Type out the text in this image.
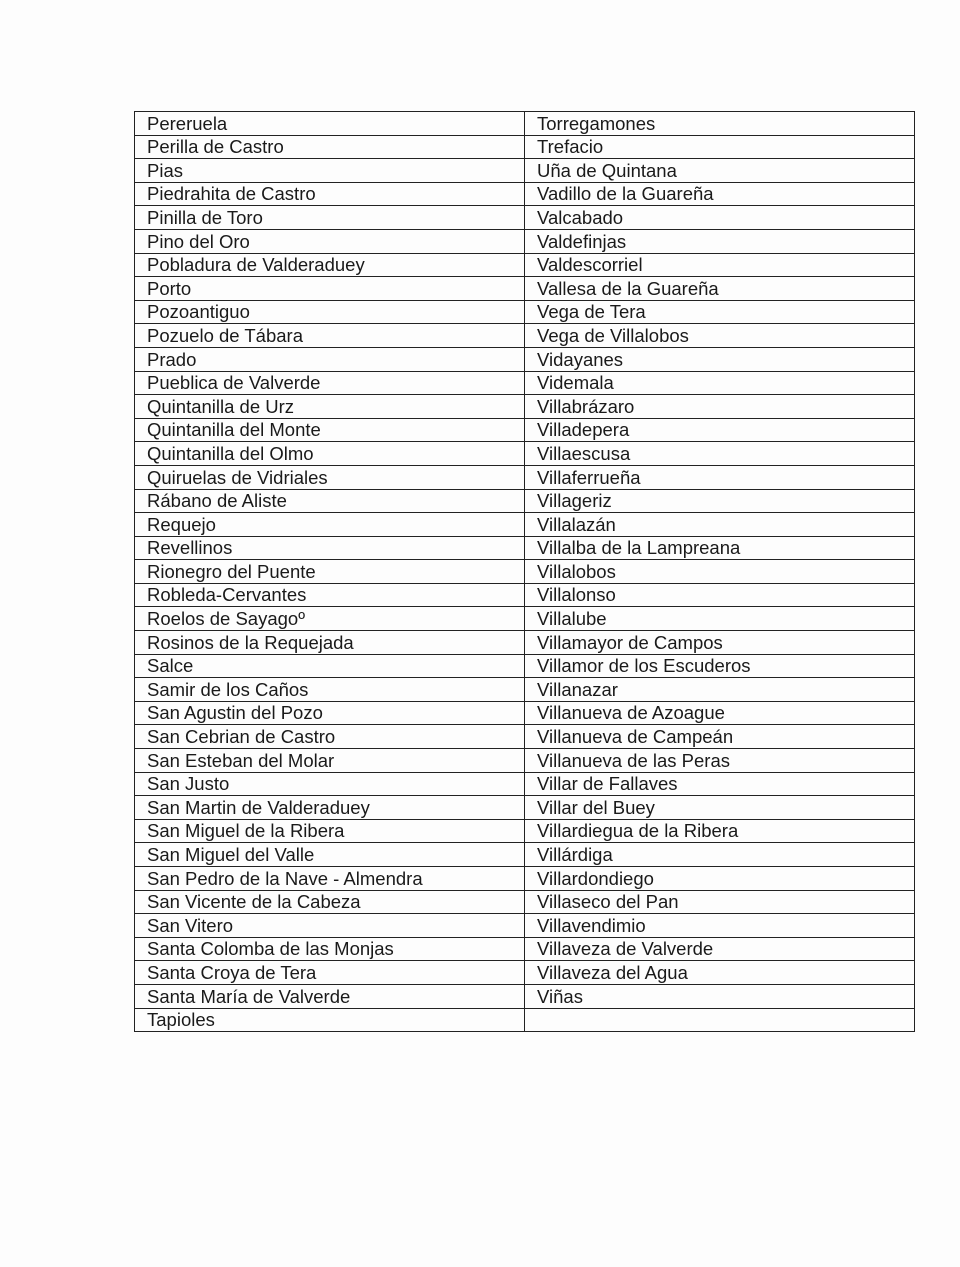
Pereruela	Torregamones
Perilla de Castro	Trefacio
Pias	Uña de Quintana
Piedrahita de Castro	Vadillo de la Guareña
Pinilla de Toro	Valcabado
Pino del Oro	Valdefinjas
Pobladura de Valderaduey	Valdescorriel
Porto	Vallesa de la Guareña
Pozoantiguo	Vega de Tera
Pozuelo de Tábara	Vega de Villalobos
Prado	Vidayanes
Pueblica de Valverde	Videmala
Quintanilla de Urz	Villabrázaro
Quintanilla del Monte	Villadepera
Quintanilla del Olmo	Villaescusa
Quiruelas de Vidriales	Villaferrueña
Rábano de Aliste	Villageriz
Requejo	Villalazán
Revellinos	Villalba de la Lampreana
Rionegro del Puente	Villalobos
Robleda-Cervantes	Villalonso
Roelos de Sayagoº	Villalube
Rosinos de la Requejada	Villamayor de Campos
Salce	Villamor de los Escuderos
Samir de los Caños	Villanazar
San Agustin del Pozo	Villanueva de Azoague
San Cebrian de Castro	Villanueva de Campeán
San Esteban del Molar	Villanueva de las Peras
San Justo	Villar de Fallaves
San Martin de Valderaduey	Villar del Buey
San Miguel de la Ribera	Villardiegua de la Ribera
San Miguel del Valle	Villárdiga
San Pedro de la Nave - Almendra	Villardondiego
San Vicente de la Cabeza	Villaseco del Pan
San Vitero	Villavendimio
Santa Colomba de las Monjas	Villaveza de Valverde
Santa Croya de Tera	Villaveza del Agua
Santa María de Valverde	Viñas
Tapioles	
